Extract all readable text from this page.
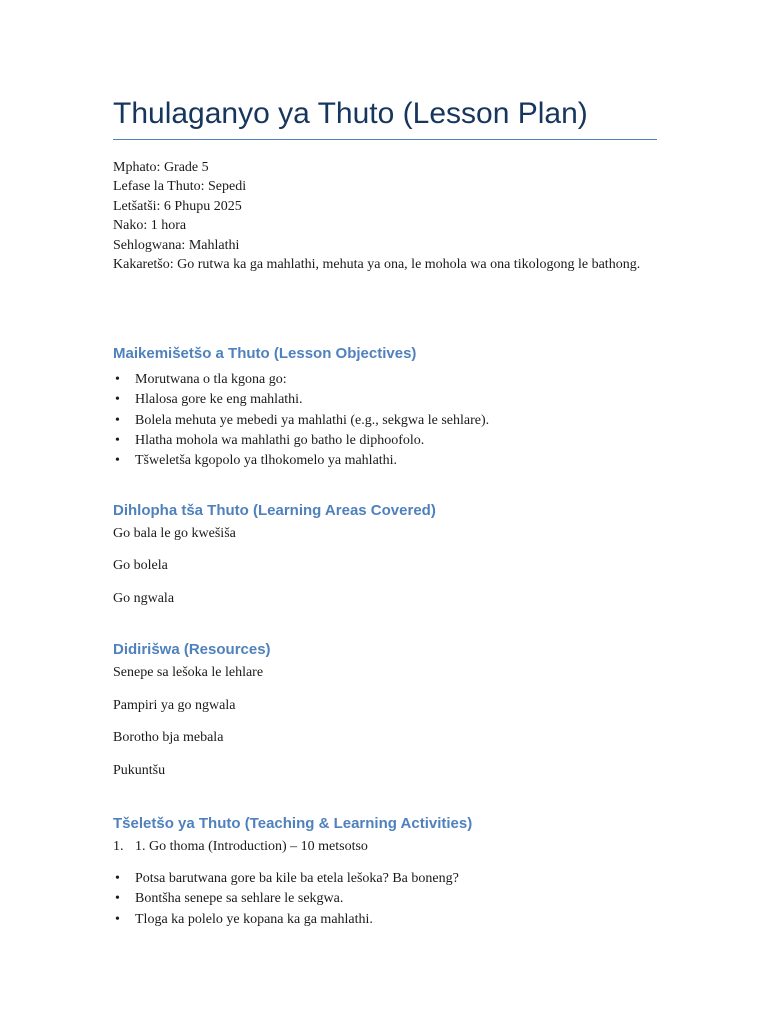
Thulaganyo ya Thuto (Lesson Plan)
Mphato: Grade 5
Lefase la Thuto: Sepedi
Letšatši: 6 Phupu 2025
Nako: 1 hora
Sehlogwana: Mahlathi
Kakaretšo: Go rutwa ka ga mahlathi, mehuta ya ona, le mohola wa ona tikologong le bathong.
Maikemišetšo a Thuto (Lesson Objectives)
• Morutwana o tla kgona go:
• Hlalosa gore ke eng mahlathi.
• Bolela mehuta ye mebedi ya mahlathi (e.g., sekgwa le sehlare).
• Hlatha mohola wa mahlathi go batho le diphoofolo.
• Tšweletša kgopolo ya tlhokomelo ya mahlathi.
Dihlopha tša Thuto (Learning Areas Covered)

Go bala le go kwešiša

Go bolela

Go ngwala

Didirišwa (Resources)

Senepe sa lešoka le lehlare

Pampiri ya go ngwala

Borotho bja mebala

Pukuntšu

Tšeletšo ya Thuto (Teaching & Learning Activities)

1. 1. Go thoma (Introduction) – 10 metsotso

• Potsa barutwana gore ba kile ba etela lešoka? Ba boneng?
• Bontšha senepe sa sehlare le sekgwa.
• Tloga ka polelo ye kopana ka ga mahlathi.
